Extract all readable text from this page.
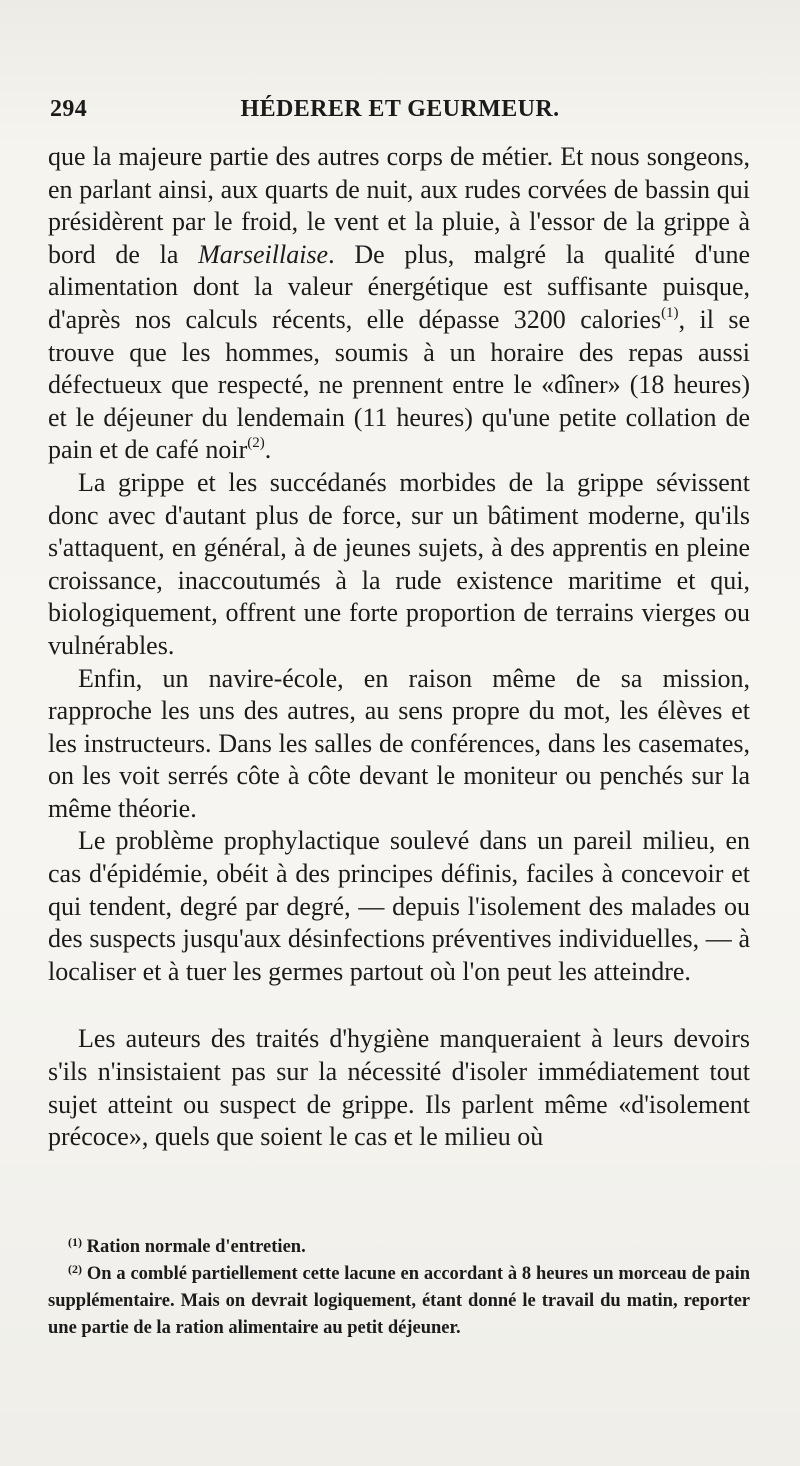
294	HÉDERER ET GEURMEUR.

que la majeure partie des autres corps de métier. Et nous songeons, en parlant ainsi, aux quarts de nuit, aux rudes corvées de bassin qui présidèrent par le froid, le vent et la pluie, à l'essor de la grippe à bord de la Marseillaise. De plus, malgré la qualité d'une alimentation dont la valeur énergétique est suffisante puisque, d'après nos calculs récents, elle dépasse 3200 calories$^{(1)}$, il se trouve que les hommes, soumis à un horaire des repas aussi défectueux que respecté, ne prennent entre le «dîner» (18 heures) et le déjeuner du lendemain (11 heures) qu'une petite collation de pain et de café noir$^{(2)}$.

La grippe et les succédanés morbides de la grippe sévissent donc avec d'autant plus de force, sur un bâtiment moderne, qu'ils s'attaquent, en général, à de jeunes sujets, à des apprentis en pleine croissance, inaccoutumés à la rude existence maritime et qui, biologiquement, offrent une forte proportion de terrains vierges ou vulnérables.

Enfin, un navire-école, en raison même de sa mission, rapproche les uns des autres, au sens propre du mot, les élèves et les instructeurs. Dans les salles de conférences, dans les casemates, on les voit serrés côte à côte devant le moniteur ou penchés sur la même théorie.

Le problème prophylactique soulevé dans un pareil milieu, en cas d'épidémie, obéit à des principes définis, faciles à concevoir et qui tendent, degré par degré, — depuis l'isolement des malades ou des suspects jusqu'aux désinfections préventives individuelles, — à localiser et à tuer les germes partout où l'on peut les atteindre.

Les auteurs des traités d'hygiène manqueraient à leurs devoirs s'ils n'insistaient pas sur la nécessité d'isoler immédiatement tout sujet atteint ou suspect de grippe. Ils parlent même «d'isolement précoce», quels que soient le cas et le milieu où

$^{(1)}$ Ration normale d'entretien.

$^{(2)}$ On a comblé partiellement cette lacune en accordant à 8 heures un morceau de pain supplémentaire. Mais on devrait logiquement, étant donné le travail du matin, reporter une partie de la ration alimentaire au petit déjeuner.
